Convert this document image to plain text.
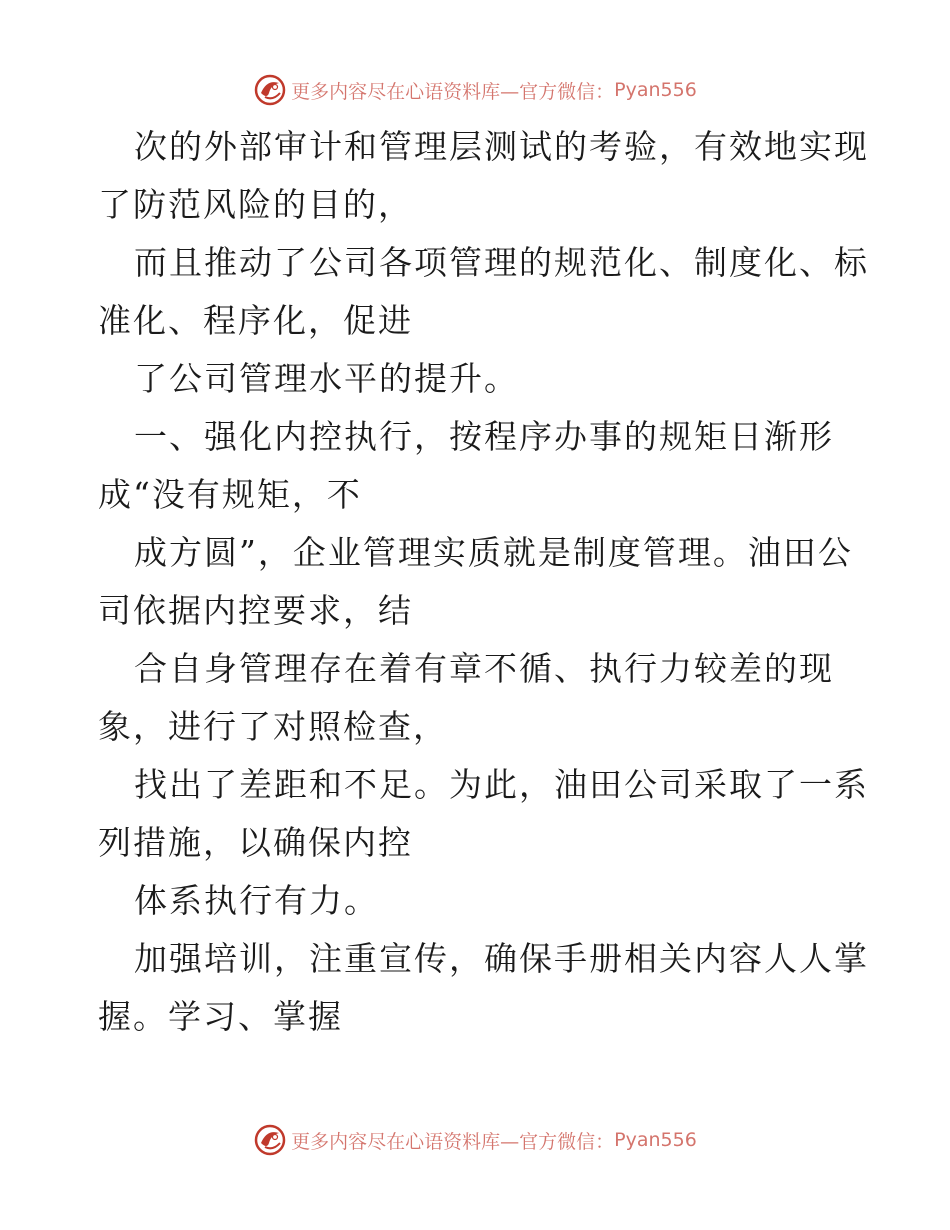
更多内容尽在心语资料库—官方微信： Pyan556
次的外部审计和管理层测试的考验，有效地实现
了防范风险的目的，
而且推动了公司各项管理的规范化、制度化、标
准化、程序化，促进
了公司管理水平的提升。
一、强化内控执行，按程序办事的规矩日渐形
成“没有规矩，不
成方圆”，企业管理实质就是制度管理。油田公
司依据内控要求，结
合自身管理存在着有章不循、执行力较差的现
象，进行了对照检查，
找出了差距和不足。为此，油田公司采取了一系
列措施，以确保内控
体系执行有力。
加强培训，注重宣传，确保手册相关内容人人掌
握。学习、掌握
更多内容尽在心语资料库—官方微信： Pyan556
